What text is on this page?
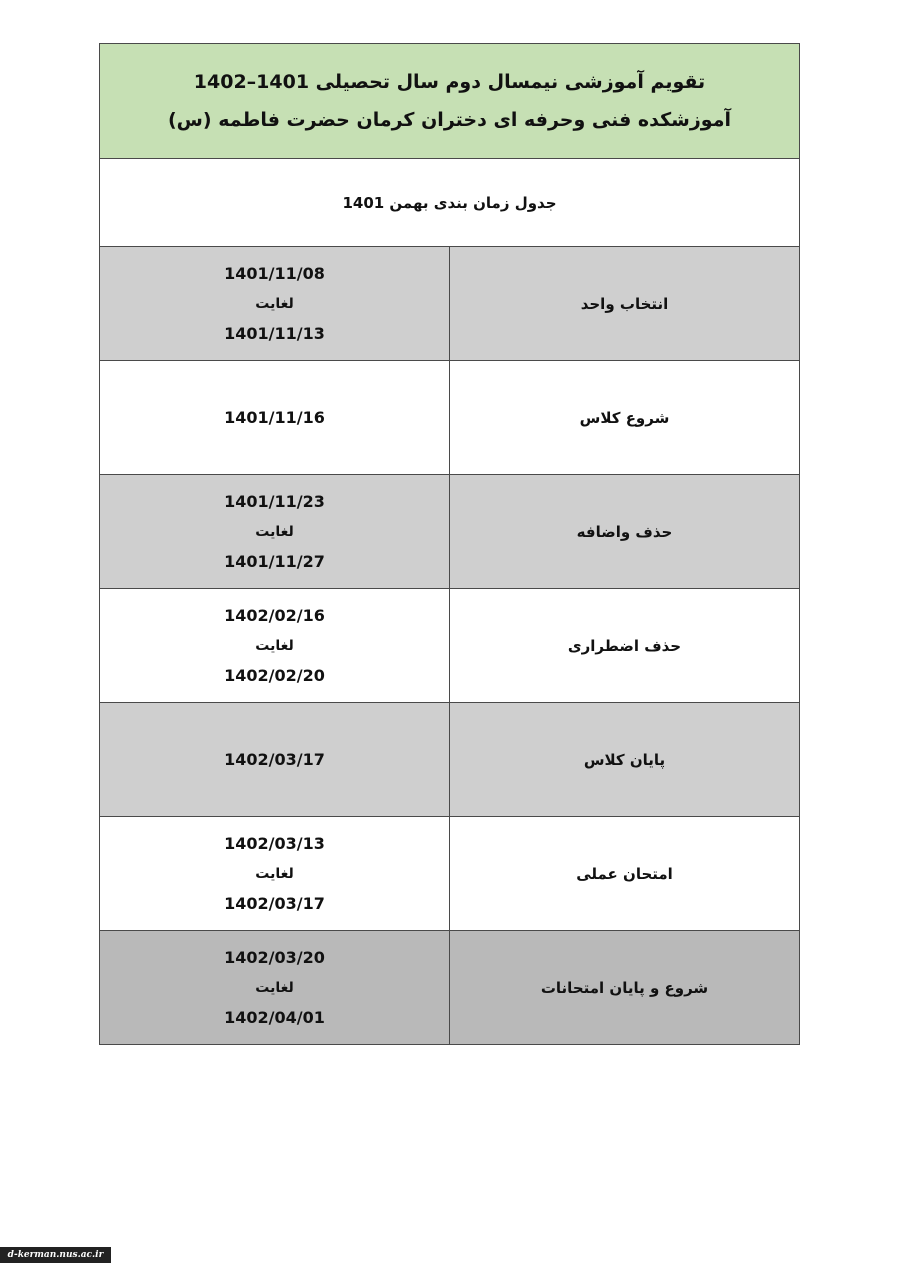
تقویم آموزشی نیمسال دوم سال تحصیلی 1401–1402
آموزشکده فنی وحرفه ای دختران کرمان حضرت فاطمه (س)	

جدول زمان بندی بهمن 1401	
انتخاب واحد	1401/11/08
لغایت
1401/11/13

شروع کلاس	1401/11/16

حذف واضافه	1401/11/23
لغایت
1401/11/27

حذف اضطراری	1402/02/16
لغایت
1402/02/20

پایان کلاس	1402/03/17

امتحان عملی	1402/03/13
لغایت
1402/03/17

شروع و پایان امتحانات	1402/03/20
لغایت
1402/04/01
d-kerman.nus.ac.ir
